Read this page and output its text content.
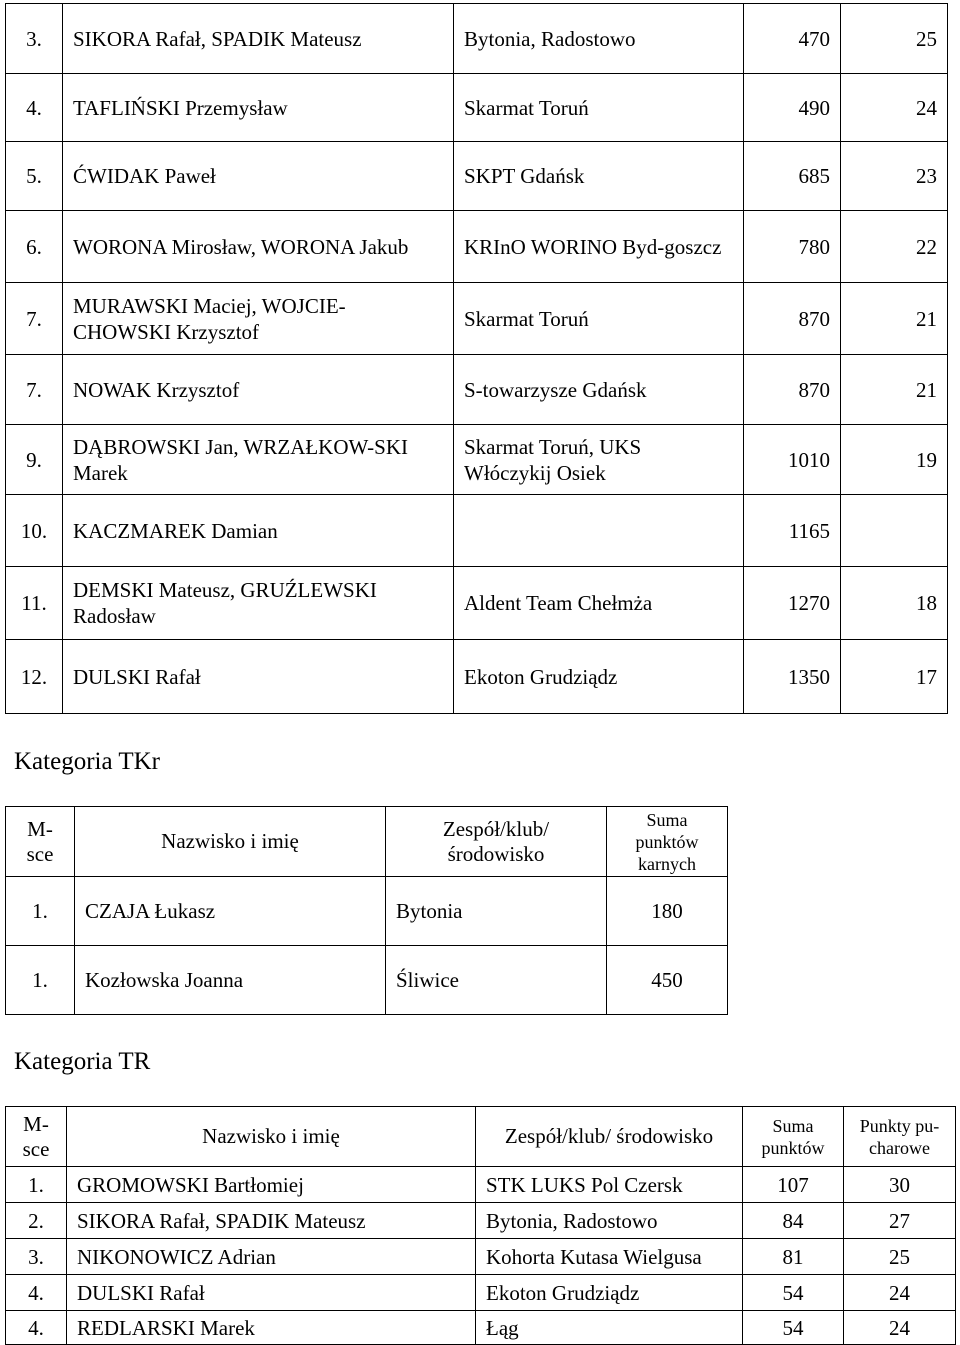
3.	SIKORA Rafał, SPADIK Mateusz	Bytonia, Radostowo	470	25
4.	TAFLIŃSKI Przemysław	Skarmat Toruń	490	24
5.	ĆWIDAK Paweł	SKPT Gdańsk	685	23
6.	WORONA Mirosław, WORONA Jakub	KRInO WORINO Byd-goszcz	780	22
7.	MURAWSKI Maciej, WOJCIE-CHOWSKI Krzysztof	Skarmat Toruń	870	21
7.	NOWAK Krzysztof	S-towarzysze Gdańsk	870	21
9.	DĄBROWSKI Jan, WRZAŁKOW-SKI Marek	Skarmat Toruń, UKS Włóczykij Osiek	1010	19
10.	KACZMAREK Damian		1165	
11.	DEMSKI Mateusz, GRUŹLEWSKI Radosław	Aldent Team Chełmża	1270	18
12.	DULSKI Rafał	Ekoton Grudziądz	1350	17
Kategoria TKr
M-sce	Nazwisko i imię	Zespół/klub/ środowisko	Suma punktów karnych
1.	CZAJA Łukasz	Bytonia	180
1.	Kozłowska Joanna	Śliwice	450
Kategoria TR
M-sce	Nazwisko i imię	Zespół/klub/ środowisko	Suma punktów	Punkty pu-charowe
1.	GROMOWSKI Bartłomiej	STK LUKS Pol Czersk	107	30
2.	SIKORA Rafał, SPADIK Mateusz	Bytonia, Radostowo	84	27
3.	NIKONOWICZ Adrian	Kohorta Kutasa Wielgusa	81	25
4.	DULSKI Rafał	Ekoton Grudziądz	54	24
4.	REDLARSKI Marek	Łąg	54	24
